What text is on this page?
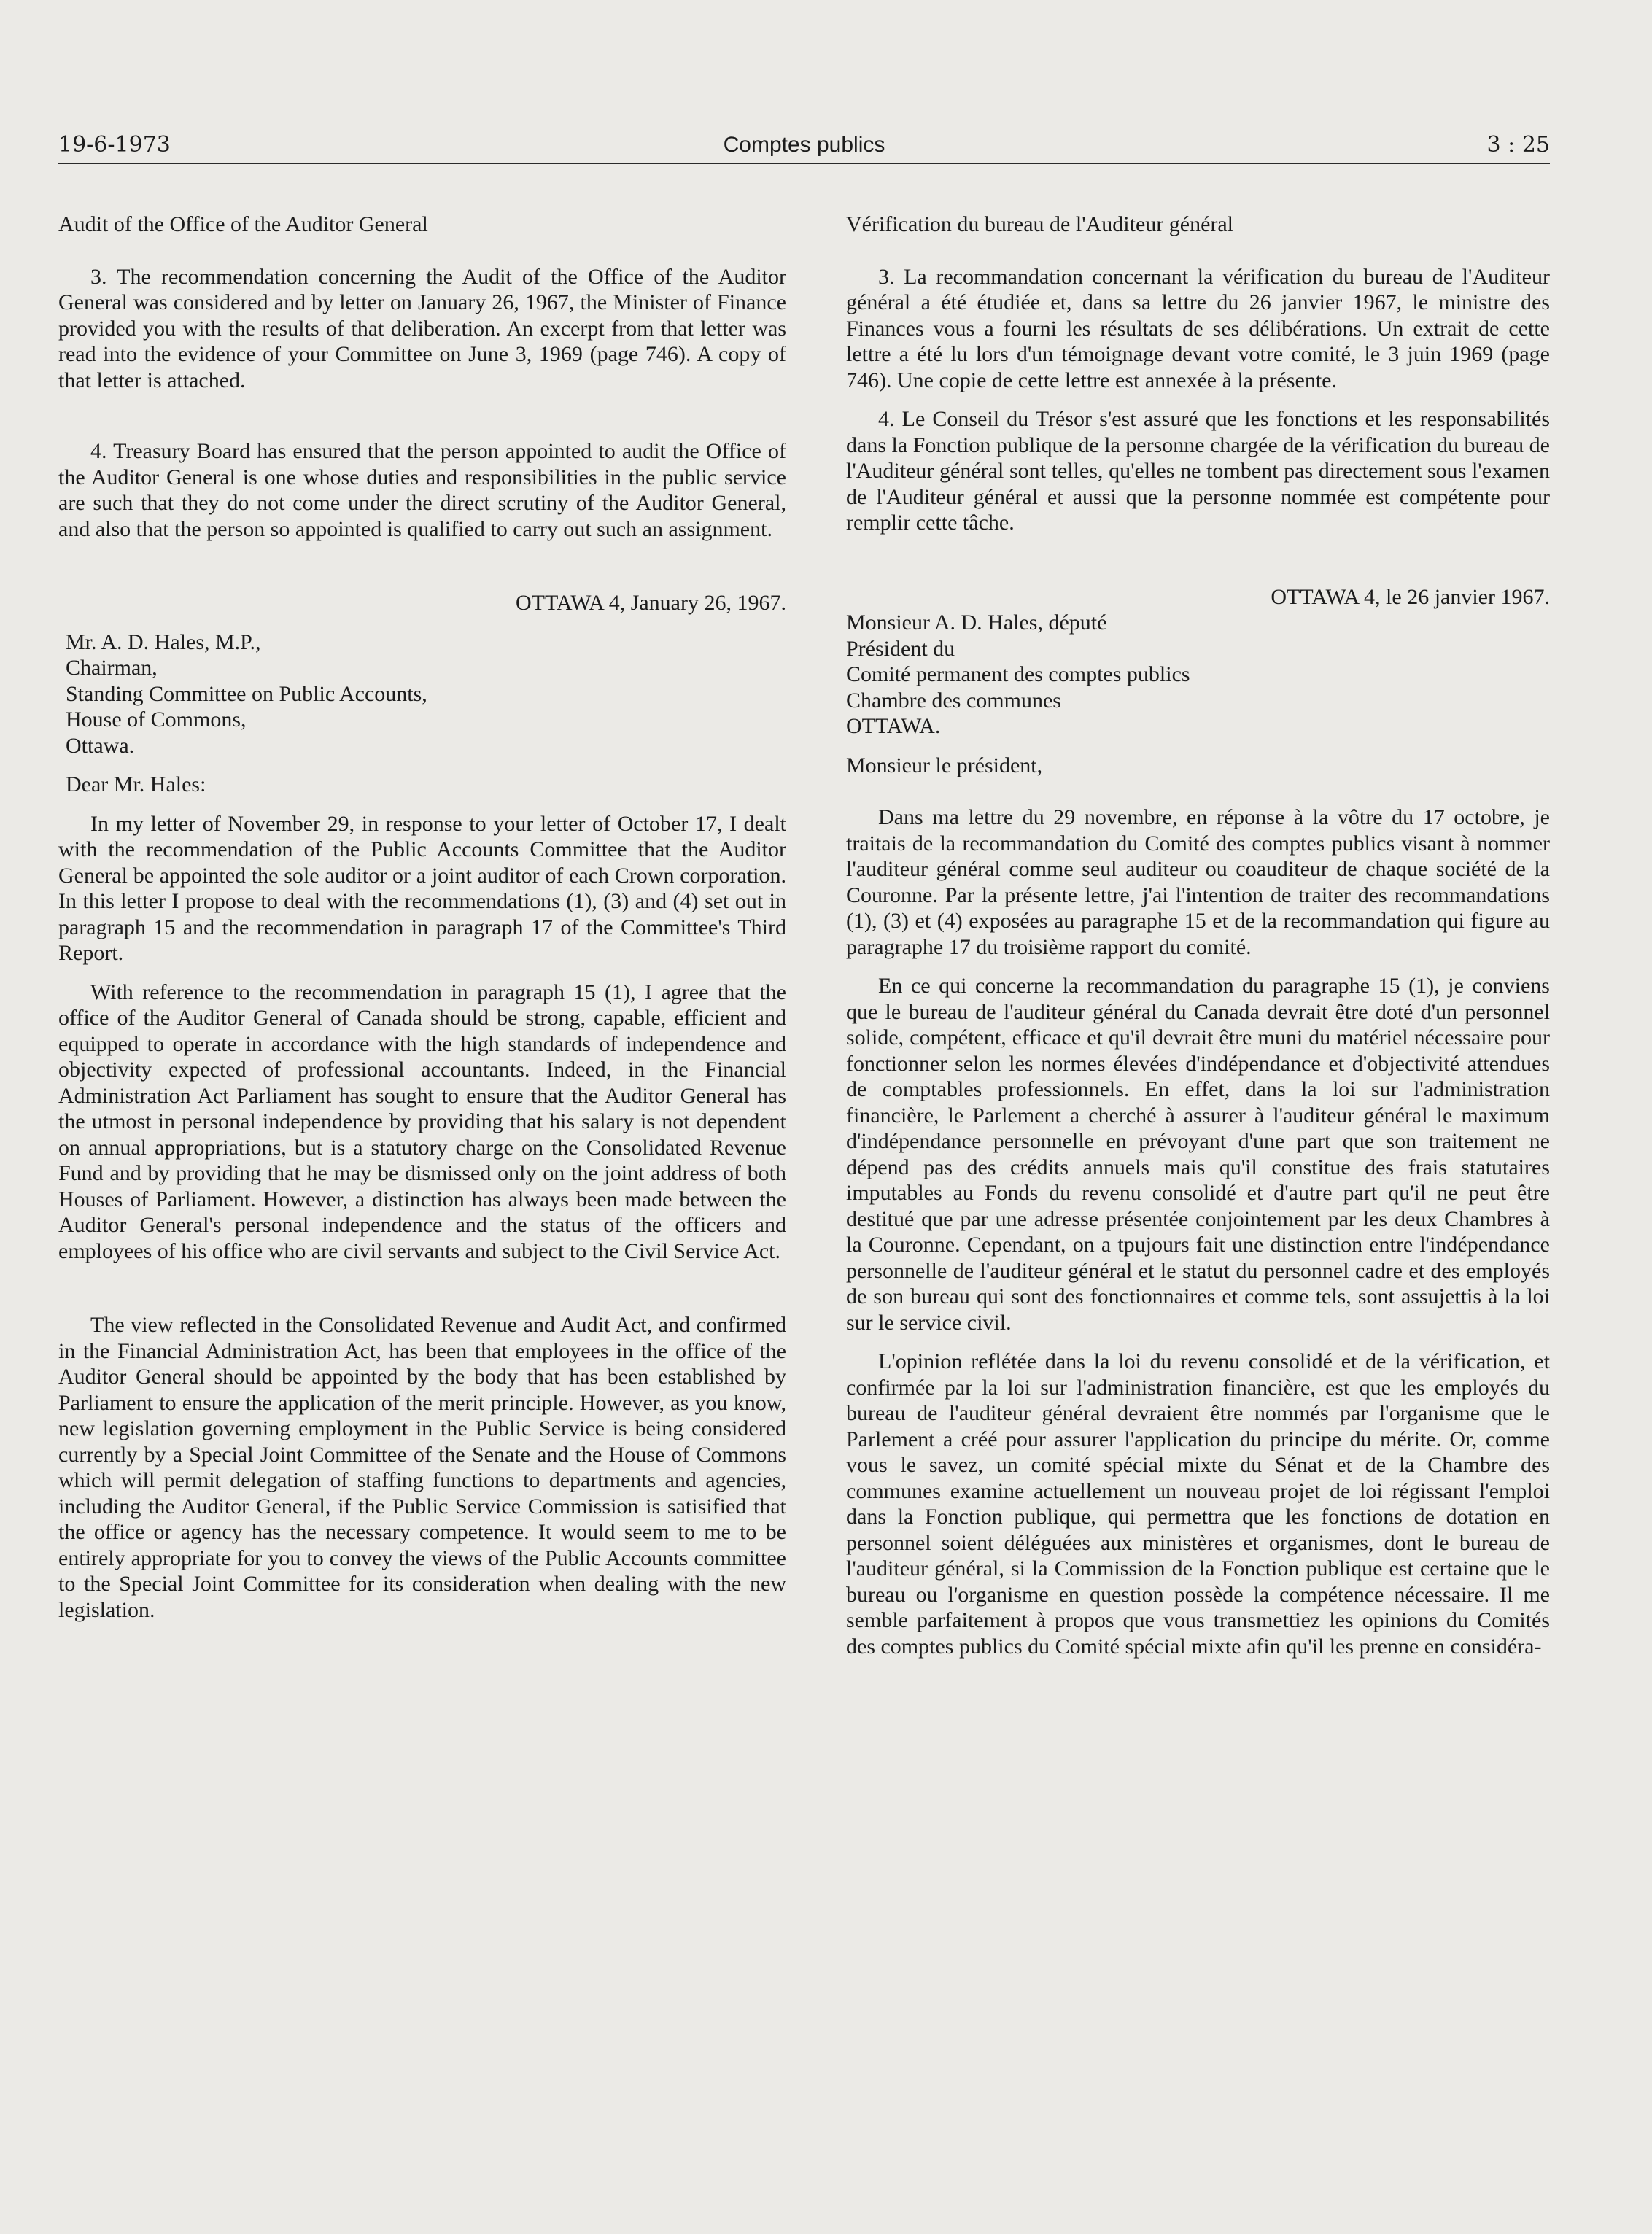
19-6-1973	Comptes publics	3 : 25

Audit of the Office of the Auditor General

3. The recommendation concerning the Audit of the Office of the Auditor General was considered and by letter on January 26, 1967, the Minister of Finance provided you with the results of that deliberation. An excerpt from that letter was read into the evidence of your Committee on June 3, 1969 (page 746). A copy of that letter is attached.

4. Treasury Board has ensured that the person appointed to audit the Office of the Auditor General is one whose duties and responsibilities in the public service are such that they do not come under the direct scrutiny of the Auditor General, and also that the person so appointed is qualified to carry out such an assignment.

OTTAWA 4, January 26, 1967.

Mr. A. D. Hales, M.P.,
Chairman,
Standing Committee on Public Accounts,
House of Commons,
Ottawa.

Dear Mr. Hales:

In my letter of November 29, in response to your letter of October 17, I dealt with the recommendation of the Public Accounts Committee that the Auditor General be appointed the sole auditor or a joint auditor of each Crown corporation. In this letter I propose to deal with the recommendations (1), (3) and (4) set out in paragraph 15 and the recommendation in paragraph 17 of the Committee's Third Report.

With reference to the recommendation in paragraph 15 (1), I agree that the office of the Auditor General of Canada should be strong, capable, efficient and equipped to operate in accordance with the high standards of independence and objectivity expected of professional accountants. Indeed, in the Financial Administration Act Parliament has sought to ensure that the Auditor General has the utmost in personal independence by providing that his salary is not dependent on annual appropriations, but is a statutory charge on the Consolidated Revenue Fund and by providing that he may be dismissed only on the joint address of both Houses of Parliament. However, a distinction has always been made between the Auditor General's personal independence and the status of the officers and employees of his office who are civil servants and subject to the Civil Service Act.

The view reflected in the Consolidated Revenue and Audit Act, and confirmed in the Financial Administration Act, has been that employees in the office of the Auditor General should be appointed by the body that has been established by Parliament to ensure the application of the merit principle. However, as you know, new legislation governing employment in the Public Service is being considered currently by a Special Joint Committee of the Senate and the House of Commons which will permit delegation of staffing functions to departments and agencies, including the Auditor General, if the Public Service Commission is satisified that the office or agency has the necessary competence. It would seem to me to be entirely appropriate for you to convey the views of the Public Accounts committee to the Special Joint Committee for its consideration when dealing with the new legislation.

Vérification du bureau de l'Auditeur général

3. La recommandation concernant la vérification du bureau de l'Auditeur général a été étudiée et, dans sa lettre du 26 janvier 1967, le ministre des Finances vous a fourni les résultats de ses délibérations. Un extrait de cette lettre a été lu lors d'un témoignage devant votre comité, le 3 juin 1969 (page 746). Une copie de cette lettre est annexée à la présente.

4. Le Conseil du Trésor s'est assuré que les fonctions et les responsabilités dans la Fonction publique de la personne chargée de la vérification du bureau de l'Auditeur général sont telles, qu'elles ne tombent pas directement sous l'examen de l'Auditeur général et aussi que la personne nommée est compétente pour remplir cette tâche.

OTTAWA 4, le 26 janvier 1967.

Monsieur A. D. Hales, député
Président du
Comité permanent des comptes publics
Chambre des communes
OTTAWA.

Monsieur le président,

Dans ma lettre du 29 novembre, en réponse à la vôtre du 17 octobre, je traitais de la recommandation du Comité des comptes publics visant à nommer l'auditeur général comme seul auditeur ou coauditeur de chaque société de la Couronne. Par la présente lettre, j'ai l'intention de traiter des recommandations (1), (3) et (4) exposées au paragraphe 15 et de la recommandation qui figure au paragraphe 17 du troisième rapport du comité.

En ce qui concerne la recommandation du paragraphe 15 (1), je conviens que le bureau de l'auditeur général du Canada devrait être doté d'un personnel solide, compétent, efficace et qu'il devrait être muni du matériel nécessaire pour fonctionner selon les normes élevées d'indépendance et d'objectivité attendues de comptables professionnels. En effet, dans la loi sur l'administration financière, le Parlement a cherché à assurer à l'auditeur général le maximum d'indépendance personnelle en prévoyant d'une part que son traitement ne dépend pas des crédits annuels mais qu'il constitue des frais statutaires imputables au Fonds du revenu consolidé et d'autre part qu'il ne peut être destitué que par une adresse présentée conjointement par les deux Chambres à la Couronne. Cependant, on a tpujours fait une distinction entre l'indépendance personnelle de l'auditeur général et le statut du personnel cadre et des employés de son bureau qui sont des fonctionnaires et comme tels, sont assujettis à la loi sur le service civil.

L'opinion reflétée dans la loi du revenu consolidé et de la vérification, et confirmée par la loi sur l'administration financière, est que les employés du bureau de l'auditeur général devraient être nommés par l'organisme que le Parlement a créé pour assurer l'application du principe du mérite. Or, comme vous le savez, un comité spécial mixte du Sénat et de la Chambre des communes examine actuellement un nouveau projet de loi régissant l'emploi dans la Fonction publique, qui permettra que les fonctions de dotation en personnel soient déléguées aux ministères et organismes, dont le bureau de l'auditeur général, si la Commission de la Fonction publique est certaine que le bureau ou l'organisme en question possède la compétence nécessaire. Il me semble parfaitement à propos que vous transmettiez les opinions du Comités des comptes publics du Comité spécial mixte afin qu'il les prenne en considéra-
